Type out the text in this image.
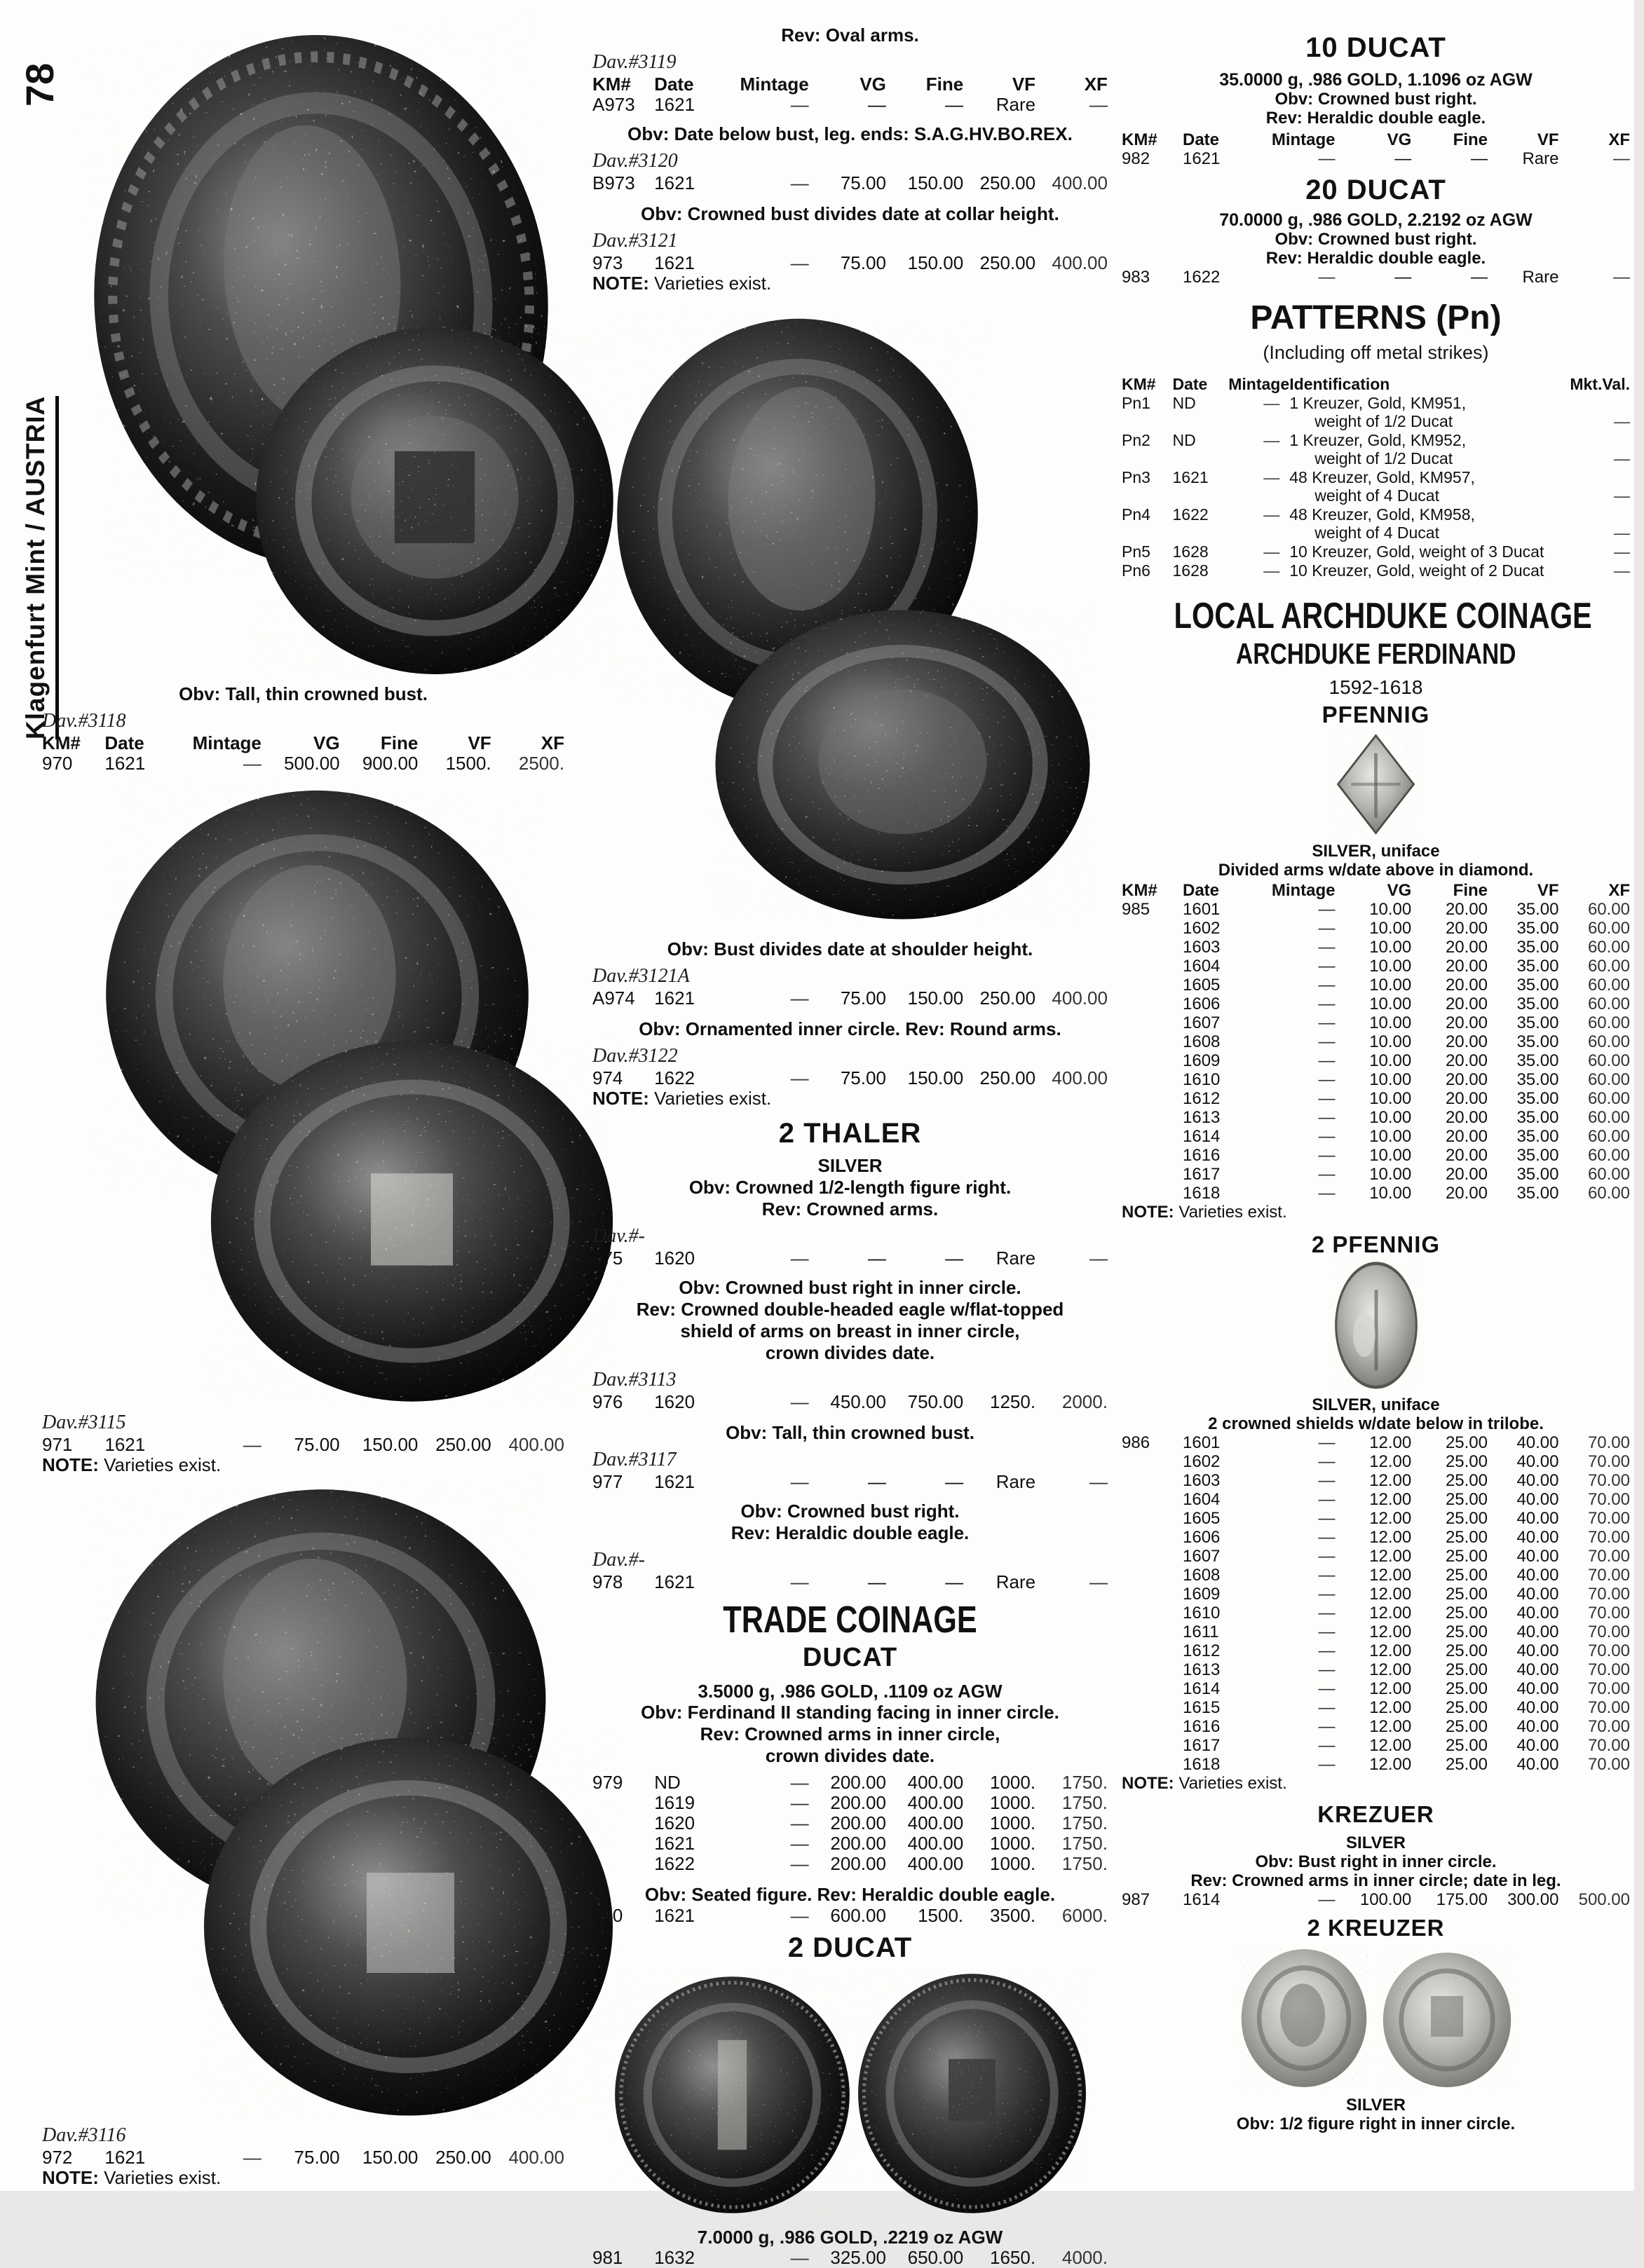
78
Klagenfurt Mint / AUSTRIA	Obv: Tall, thin crowned bust.
Dav.#3118
KM#	Date	Mintage	VG	Fine	VF	XF
970	1621	—	500.00	900.00	1500.	2500.
Dav.#3115
971	1621	—	75.00	150.00 250.00 400.00
NOTE: Varieties exist.
Dav.#3116
972	1621	—	75.00	150.00 250.00 400.00
NOTE: Varieties exist.
Rev: Oval arms.
Dav.#3119
KM#	Date	Mintage	VG	Fine	VF	XF
A973	1621	—	—	—	Rare	—
Obv: Date below bust, leg. ends: S.A.G.HV.BO.REX.
Dav.#3120
B973	1621	—	75.00	150.00 250.00 400.00
Obv: Crowned bust divides date at collar height.
Dav.#3121
973	1621	—	75.00	150.00 250.00 400.00
NOTE: Varieties exist.
Obv: Bust divides date at shoulder height.
Dav.#3121A
A974	1621	—	75.00	150.00 250.00 400.00
Obv: Ornamented inner circle. Rev: Round arms.
Dav.#3122
974	1622	—	75.00	150.00 250.00 400.00
NOTE: Varieties exist.
2 THALER
SILVER
Obv: Crowned 1/2-length figure right.
Rev: Crowned arms.
Dav.#-
975	1620	—	—	—	Rare	—
Obv: Crowned bust right in inner circle.
Rev: Crowned double-headed eagle w/flat-topped
shield of arms on breast in inner circle,
crown divides date.
Dav.#3113
976	1620	—	450.00	750.00	1250.	2000.
Obv: Tall, thin crowned bust.
Dav.#3117
977	1621	—	—	—	Rare	—
Obv: Crowned bust right.
Rev: Heraldic double eagle.
Dav.#-
978	1621	—	—	—	Rare	—
TRADE COINAGE
DUCAT
3.5000 g, .986 GOLD, .1109 oz AGW
Obv: Ferdinand II standing facing in inner circle.
Rev: Crowned arms in inner circle,
crown divides date.
979	ND	—	200.00	400.00	1000.	1750.
1619	—	200.00	400.00	1000.	1750.
1620	—	200.00	400.00	1000.	1750.
1621	—	200.00	400.00	1000.	1750.
1622	—	200.00	400.00	1000.	1750.
Obv: Seated figure. Rev: Heraldic double eagle.
980	1621	—	600.00	1500.	3500.	6000.
2 DUCAT
7.0000 g, .986 GOLD, .2219 oz AGW
981	1632	—	325.00	650.00	1650.	4000.
10 DUCAT
35.0000 g, .986 GOLD, 1.1096 oz AGW
Obv: Crowned bust right.
Rev: Heraldic double eagle.
KM#	Date	Mintage	VG	Fine	VF	XF
982	1621	—	—	—	Rare	—
20 DUCAT
70.0000 g, .986 GOLD, 2.2192 oz AGW
Obv: Crowned bust right.
Rev: Heraldic double eagle.
983	1622	—	—	—	Rare	—
PATTERNS (Pn)
(Including off metal strikes)
KM#	Date	Mintage Identification	Mkt.Val.
Pn1	ND	— 1 Kreuzer, Gold, KM951,
weight of 1/2 Ducat	—
Pn2	ND	— 1 Kreuzer, Gold, KM952,
weight of 1/2 Ducat	—
Pn3	1621	— 48 Kreuzer, Gold, KM957,
weight of 4 Ducat	—
Pn4	1622	— 48 Kreuzer, Gold, KM958,
weight of 4 Ducat	—
Pn5	1628	— 10 Kreuzer, Gold, weight of 3 Ducat	—
Pn6	1628	— 10 Kreuzer, Gold, weight of 2 Ducat	—
LOCAL ARCHDUKE COINAGE
ARCHDUKE FERDINAND
1592-1618
PFENNIG
SILVER, uniface
Divided arms w/date above in diamond.
KM#	Date	Mintage	VG	Fine	VF	XF
985	1601	—	10.00	20.00	35.00	60.00
1602	—	10.00	20.00	35.00	60.00
1603	—	10.00	20.00	35.00	60.00
1604	—	10.00	20.00	35.00	60.00
1605	—	10.00	20.00	35.00	60.00
1606	—	10.00	20.00	35.00	60.00
1607	—	10.00	20.00	35.00	60.00
1608	—	10.00	20.00	35.00	60.00
1609	—	10.00	20.00	35.00	60.00
1610	—	10.00	20.00	35.00	60.00
1612	—	10.00	20.00	35.00	60.00
1613	—	10.00	20.00	35.00	60.00
1614	—	10.00	20.00	35.00	60.00
1616	—	10.00	20.00	35.00	60.00
1617	—	10.00	20.00	35.00	60.00
1618	—	10.00	20.00	35.00	60.00
NOTE: Varieties exist.
2 PFENNIG
SILVER, uniface
2 crowned shields w/date below in trilobe.
986	1601	—	12.00	25.00	40.00	70.00
1602	—	12.00	25.00	40.00	70.00
1603	—	12.00	25.00	40.00	70.00
1604	—	12.00	25.00	40.00	70.00
1605	—	12.00	25.00	40.00	70.00
1606	—	12.00	25.00	40.00	70.00
1607	—	12.00	25.00	40.00	70.00
1608	—	12.00	25.00	40.00	70.00
1609	—	12.00	25.00	40.00	70.00
1610	—	12.00	25.00	40.00	70.00
1611	—	12.00	25.00	40.00	70.00
1612	—	12.00	25.00	40.00	70.00
1613	—	12.00	25.00	40.00	70.00
1614	—	12.00	25.00	40.00	70.00
1615	—	12.00	25.00	40.00	70.00
1616	—	12.00	25.00	40.00	70.00
1617	—	12.00	25.00	40.00	70.00
1618	—	12.00	25.00	40.00	70.00
NOTE: Varieties exist.
KREZUER
SILVER
Obv: Bust right in inner circle.
Rev: Crowned arms in inner circle; date in leg.
987	1614	—	100.00	175.00	300.00	500.00
2 KREUZER
SILVER
Obv: 1/2 figure right in inner circle.
